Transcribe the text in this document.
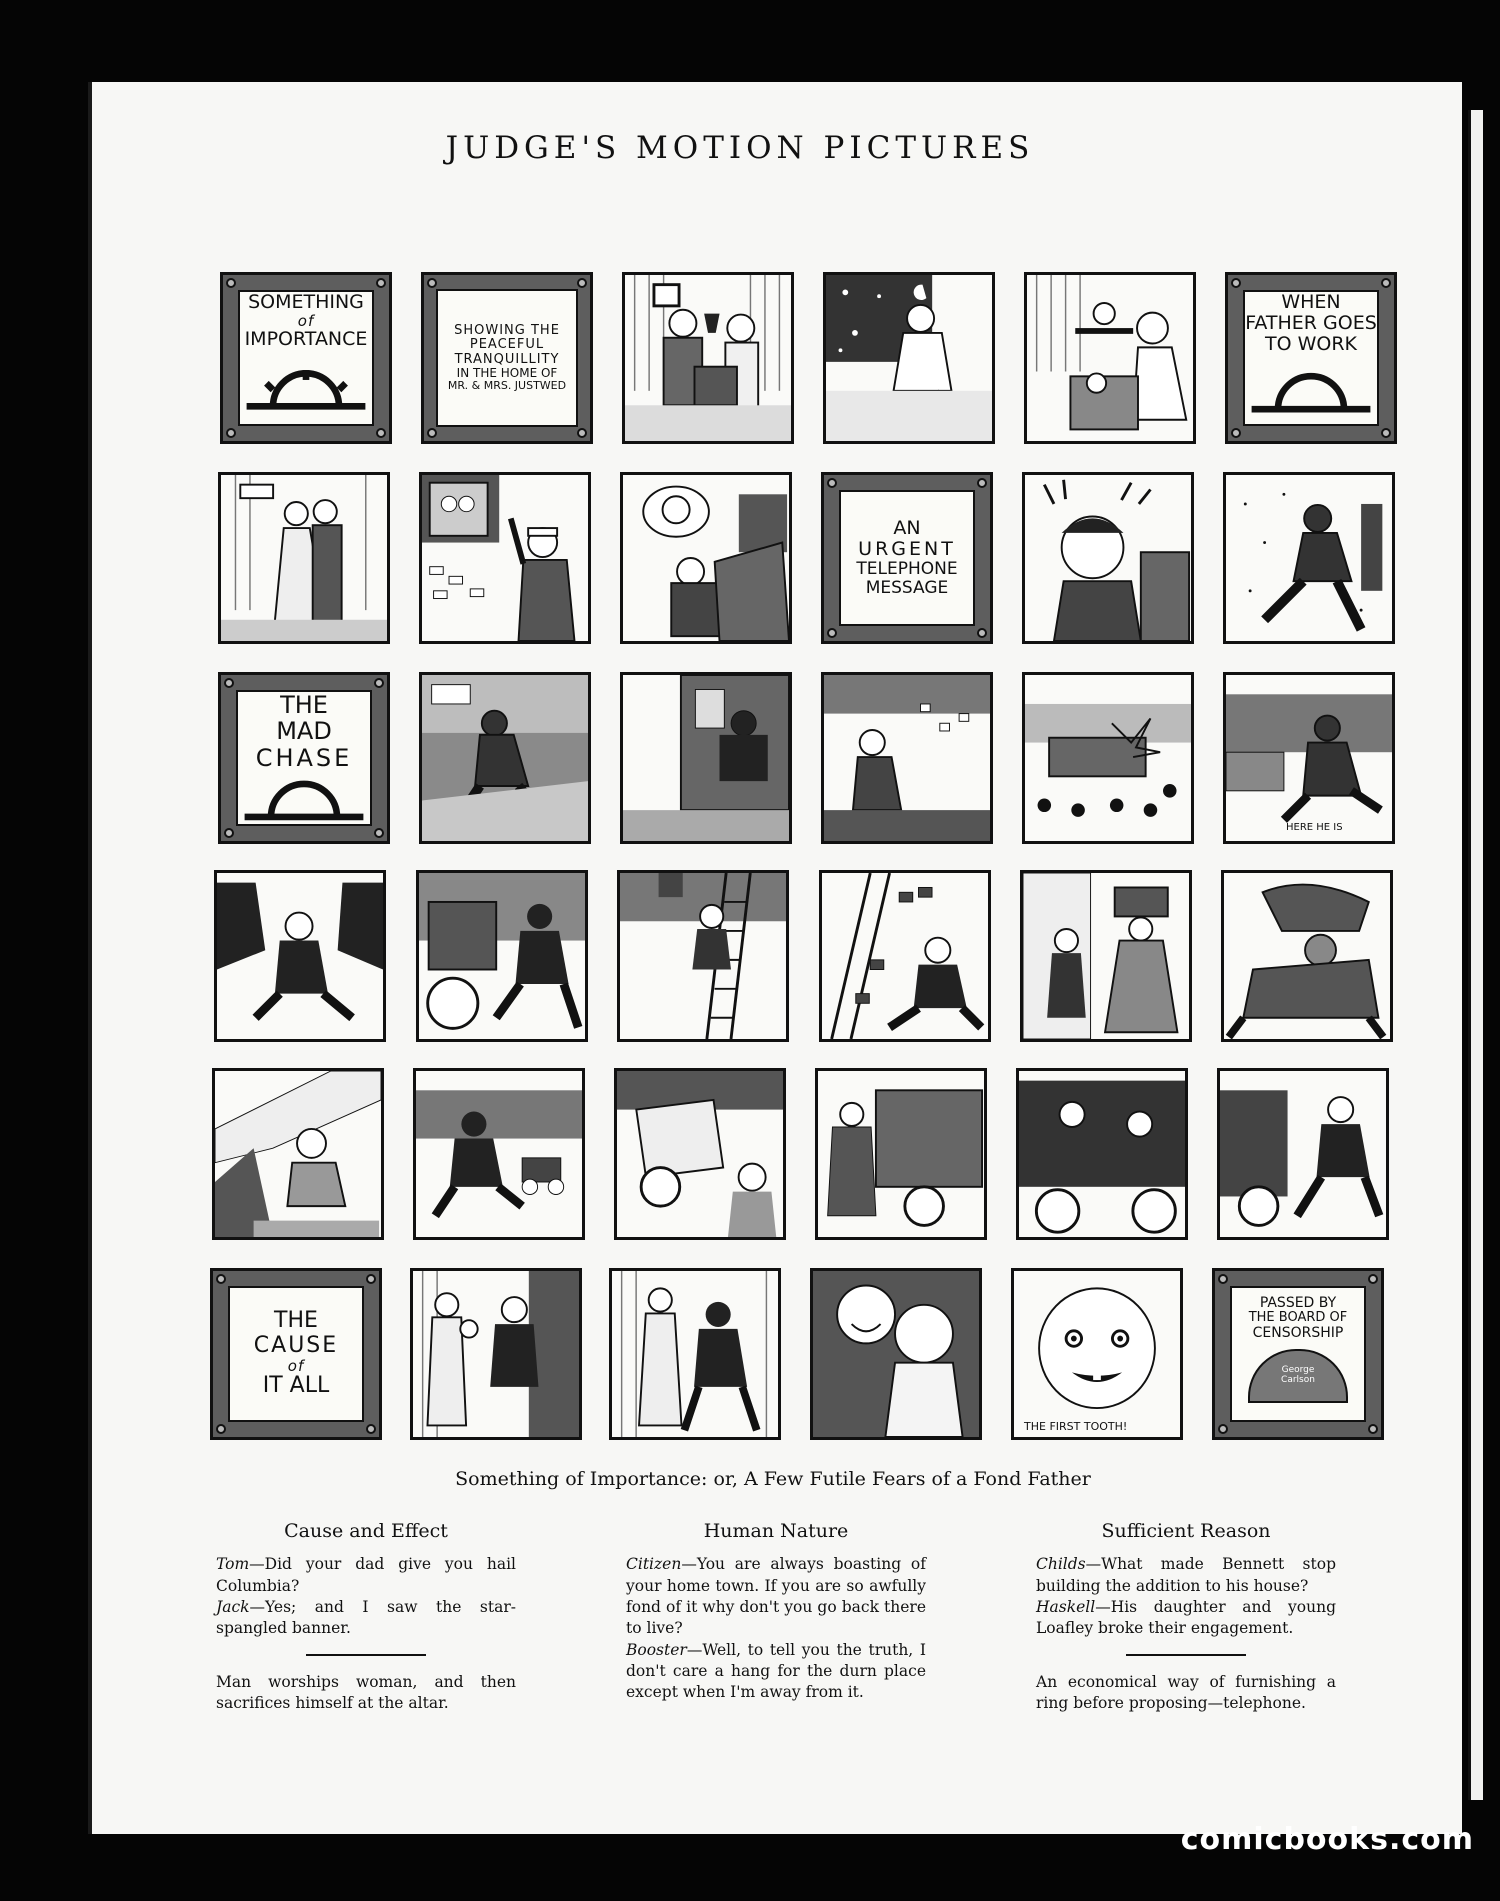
JUDGE'S MOTION PICTURES
SOMETHING
of
IMPORTANCE	SHOWING THE
PEACEFUL
TRANQUILLITY
IN THE HOME OF
MR. & MRS. JUSTWED
WHEN
FATHER GOES
TO WORK
AN
URGENT
TELEPHONE
MESSAGE
THE
MAD
CHASE
HERE HE IS
THE
CAUSE
of
IT ALL
THE FIRST TOOTH!
PASSED BY
THE BOARD OF
CENSORSHIP
George Carlson
Something of Importance: or, A Few Futile Fears of a Fond Father
Cause and Effect

Tom—Did your dad give you hail Columbia?

Jack—Yes; and I saw the star-spangled banner.

Man worships woman, and then sacrifices himself at the altar.

Human Nature

Citizen—You are always boasting of your home town. If you are so awfully fond of it why don't you go back there to live?

Booster—Well, to tell you the truth, I don't care a hang for the durn place except when I'm away from it.

Sufficient Reason

Childs—What made Bennett stop building the addition to his house?

Haskell—His daughter and young Loafley broke their engagement.

An economical way of furnishing a ring before proposing—telephone.

comicbooks.com
